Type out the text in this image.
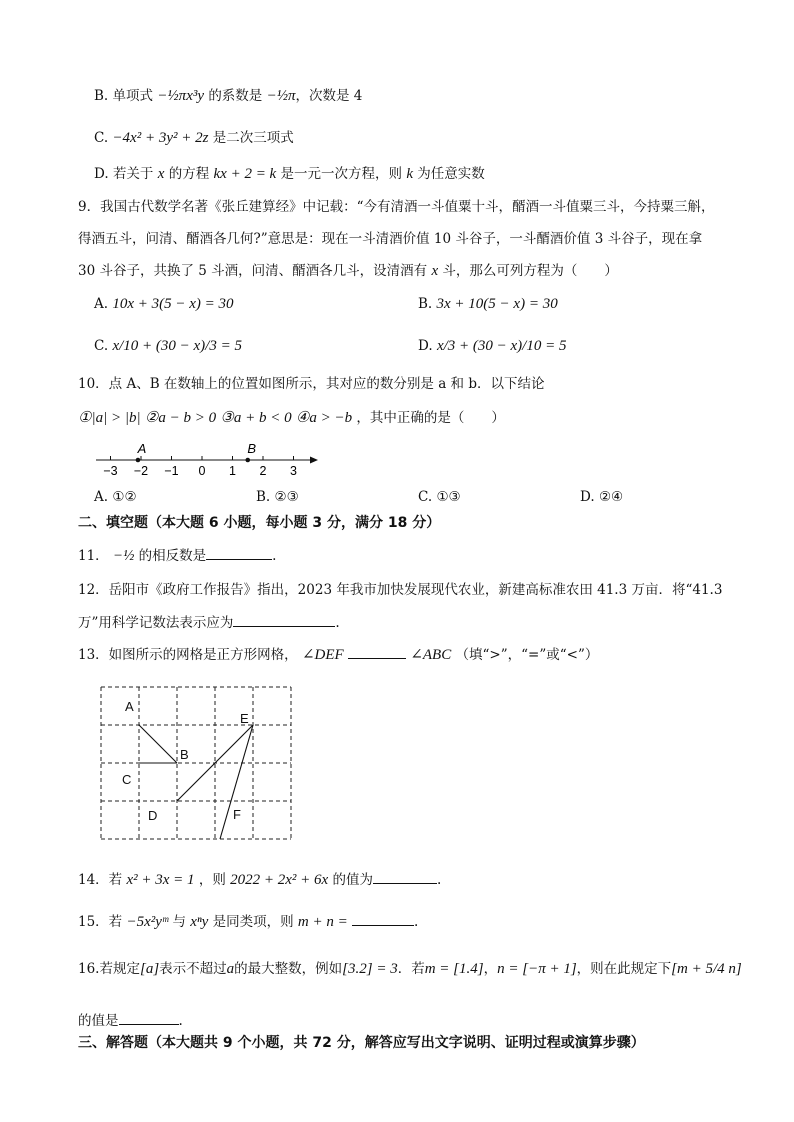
B. 单项式 −½πx³y 的系数是 −½π，次数是 4
C. −4x² + 3y² + 2z 是二次三项式
D. 若关于 x 的方程 kx + 2 = k 是一元一次方程，则 k 为任意实数
9．我国古代数学名著《张丘建算经》中记载：“今有清酒一斗值粟十斗，醑酒一斗值粟三斗，今持粟三斛，
得酒五斗，问清、醑酒各几何?”意思是：现在一斗清酒价值 10 斗谷子，一斗醑酒价值 3 斗谷子，现在拿
30 斗谷子，共换了 5 斗酒，问清、醑酒各几斗，设清酒有 x 斗，那么可列方程为（　　）
A. 10x + 3(5 − x) = 30	B. 3x + 10(5 − x) = 30
C. x/10 + (30 − x)/3 = 5	D. x/3 + (30 − x)/10 = 5
10．点 A、B 在数轴上的位置如图所示，其对应的数分别是 a 和 b．以下结论
①|a| > |b| ②a − b > 0 ③a + b < 0 ④a > −b ，其中正确的是（　　）
−3 −2 −1 0 1 2 3
A	B
A. ①②	B. ②③	C. ①③	D. ②④
二、填空题（本大题 6 小题，每小题 3 分，满分 18 分）
11． −½ 的相反数是	.
12．岳阳市《政府工作报告》指出，2023 年我市加快发展现代农业，新建高标准农田 41.3 万亩．将“41.3
万”用科学记数法表示应为	.
13．如图所示的网格是正方形网格， ∠DEF	∠ABC （填“>”，“=”或“<”）
A
B
C
D
E
F
14．若 x² + 3x = 1 ，则 2022 + 2x² + 6x 的值为	.
15．若 −5x²yᵐ 与 xⁿy 是同类项，则 m + n =	.
16.若规定[a]表示不超过a的最大整数，例如[3.2] = 3．若m = [1.4]，n = [−π + 1]，则在此规定下[m + 5/4 n]
的值是	.
三、解答题（本大题共 9 个小题，共 72 分，解答应写出文字说明、证明过程或演算步骤）
